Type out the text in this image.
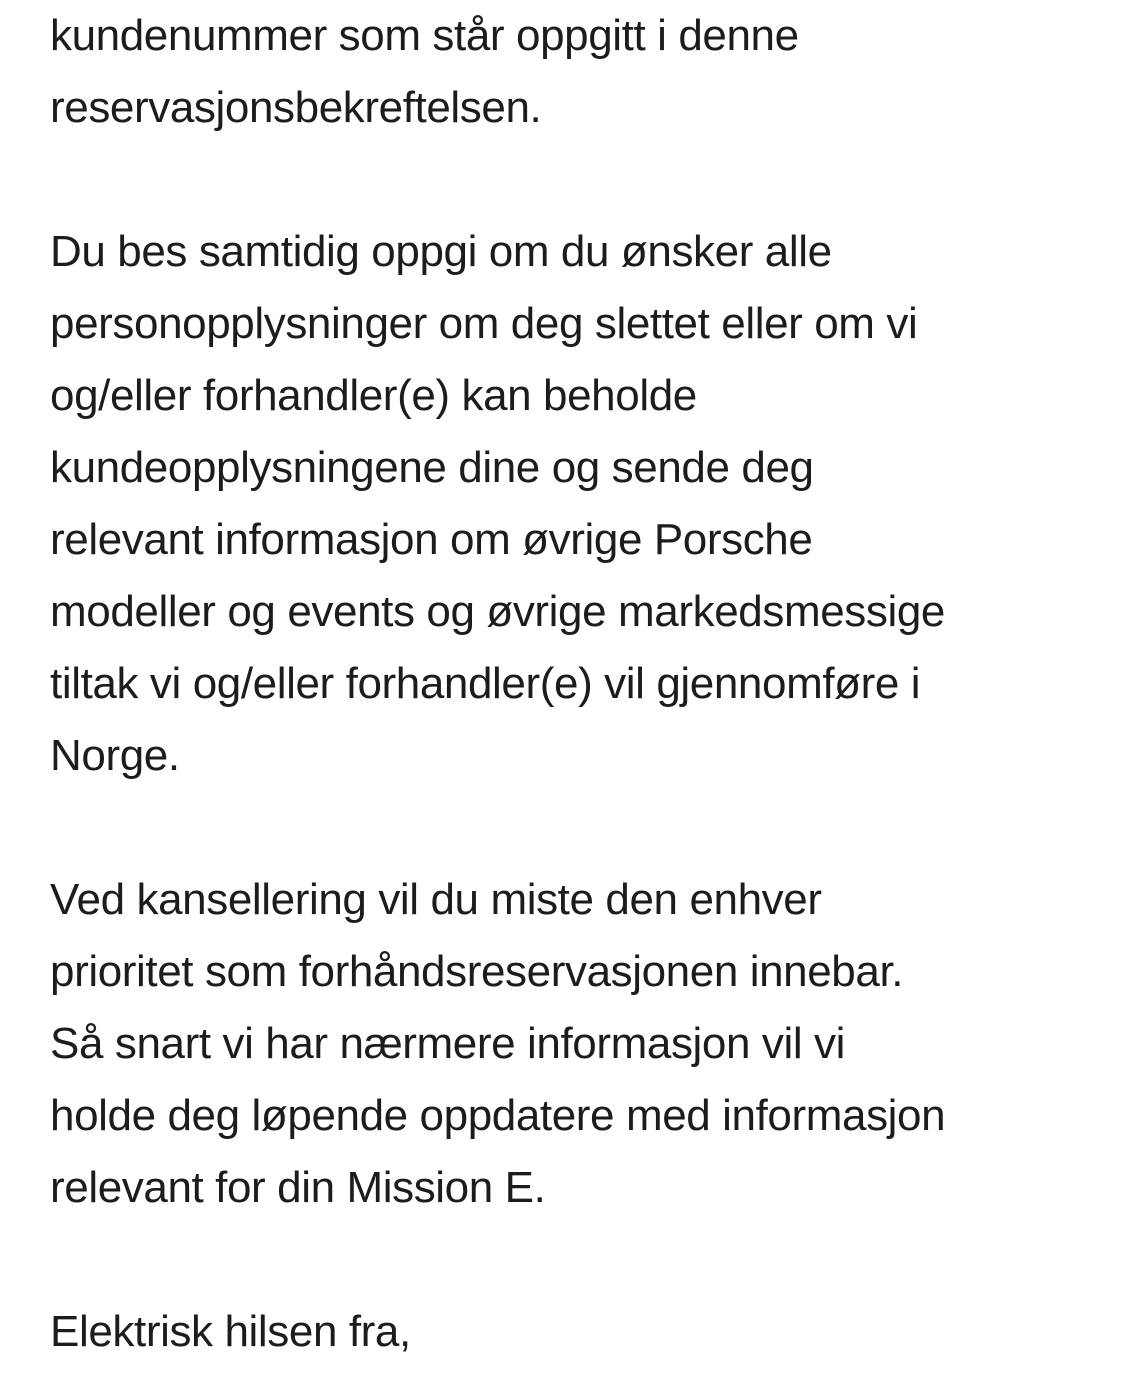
kundenummer som står oppgitt i denne
reservasjonsbekreftelsen.
Du bes samtidig oppgi om du ønsker alle
personopplysninger om deg slettet eller om vi
og/eller forhandler(e) kan beholde
kundeopplysningene dine og sende deg
relevant informasjon om øvrige Porsche
modeller og events og øvrige markedsmessige
tiltak vi og/eller forhandler(e) vil gjennomføre i
Norge.
Ved kansellering vil du miste den enhver
prioritet som forhåndsreservasjonen innebar.
Så snart vi har nærmere informasjon vil vi
holde deg løpende oppdatere med informasjon
relevant for din Mission E.
Elektrisk hilsen fra,
